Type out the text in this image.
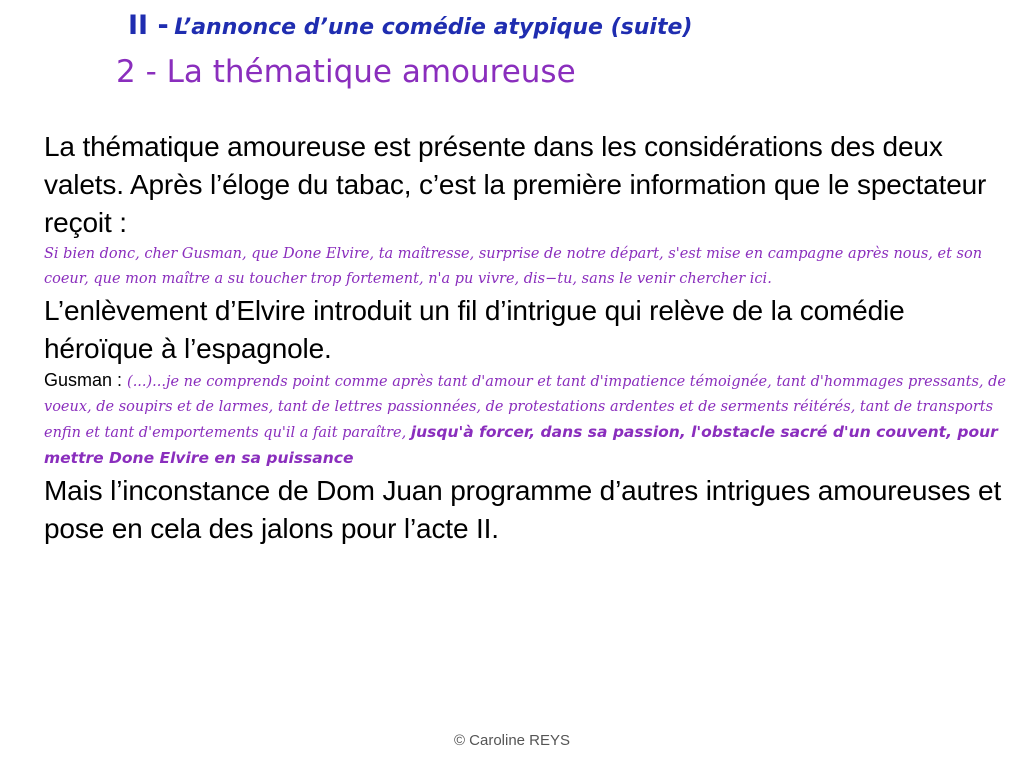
II - L’annonce d’une comédie atypique (suite)
2 - La thématique amoureuse

La thématique amoureuse est présente dans les considérations des deux valets. Après l’éloge du tabac, c’est la première information que le spectateur reçoit :

Si bien donc, cher Gusman, que Done Elvire, ta maîtresse, surprise de notre départ, s'est mise en campagne après nous, et son coeur, que mon maître a su toucher trop fortement, n'a pu vivre, dis−tu, sans le venir chercher ici.

L’enlèvement d’Elvire introduit un fil d’intrigue qui relève de la comédie héroïque à l’espagnole.

Gusman : (...)...je ne comprends point comme après tant d'amour et tant d'impatience témoignée, tant d'hommages pressants, de voeux, de soupirs et de larmes, tant de lettres passionnées, de protestations ardentes et de serments réitérés, tant de transports enfin et tant d'emportements qu'il a fait paraître, jusqu'à forcer, dans sa passion, l'obstacle sacré d'un couvent, pour mettre Done Elvire en sa puissance

Mais l’inconstance de Dom Juan programme d’autres intrigues amoureuses et pose en cela des jalons pour l’acte II.

© Caroline REYS
